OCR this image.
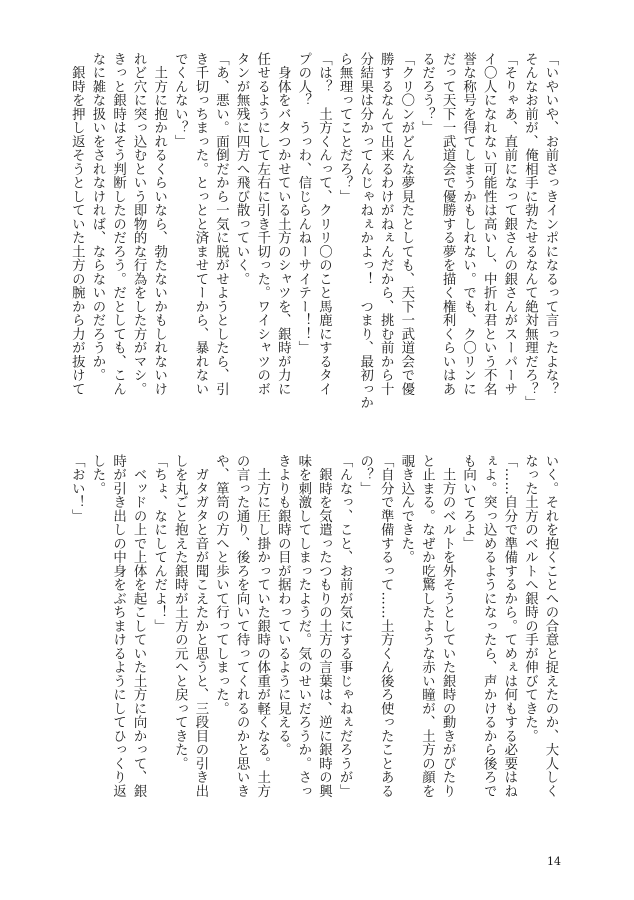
「いやいや、お前さっきインポになるって言ったよな？
そんなお前が、俺相手に勃たせるなんて絶対無理だろ？」
「そりゃあ、直前になって銀さんの銀さんがスーパーサ
イ〇人になれない可能性は高いし、中折れ君という不名
誉な称号を得てしまうかもしれない。でも、ク〇リンに
だって天下一武道会で優勝する夢を描く権利くらいはあ
るだろう？」
「クリ〇ンがどんな夢見たとしても、天下一武道会で優
勝するなんて出来るわけがねぇんだから、挑む前から十
分結果は分かってんじゃねぇかよっ！　つまり、最初っか
ら無理ってことだろ？」
「は？　土方くんって、クリリ〇のこと馬鹿にするタイ
プの人？　うっわ、信じらんねーサイテー！！」
　身体をバタつかせている土方のシャツを、銀時が力に
任せるようにして左右に引き千切った。ワイシャツのボ
タンが無残に四方へ飛び散っていく。
「あ、悪い。面倒だから一気に脱がせようとしたら、引
き千切っちまった。とっとと済ませてーから、暴れない
でくんない？」
　土方に抱かれるくらいなら、勃たないかもしれないけ
れど穴に突っ込むという即物的な行為をした方がマシ。
きっと銀時はそう判断したのだろう。だとしても、こん
なに雑な扱いをされなければ、ならないのだろうか。
　銀時を押し返そうとしていた土方の腕から力が抜けて
いく。それを抱くことへの合意と捉えたのか、大人しく
なった土方のベルトへ銀時の手が伸びてきた。
「……自分で準備するから。てめぇは何もする必要はね
ぇよ。突っ込めるようになったら、声かけるから後ろで
も向いてろよ」
　土方のベルトを外そうとしていた銀時の動きがぴたり
と止まる。なぜか吃驚したような赤い瞳が、土方の顔を
覗き込んできた。
「自分で準備するって……土方くん後ろ使ったことある
の？」
「んなっ、こと、お前が気にする事じゃねぇだろうが」
　銀時を気遣ったつもりの土方の言葉は、逆に銀時の興
味を刺激してしまったようだ。気のせいだろうか。さっ
きよりも銀時の目が据わっているように見える。
　土方に圧し掛かっていた銀時の体重が軽くなる。土方
の言った通り、後ろを向いて待ってくれるのかと思いき
や、箪笥の方へと歩いて行ってしまった。
　ガタガタと音が聞こえたかと思うと、三段目の引き出
しを丸ごと抱えた銀時が土方の元へと戻ってきた。
「ちょ、なにしてんだよ！」
　ベッドの上で上体を起こしていた土方に向かって、銀
時が引き出しの中身をぶちまけるようにしてひっくり返
した。
「おい！」
14
